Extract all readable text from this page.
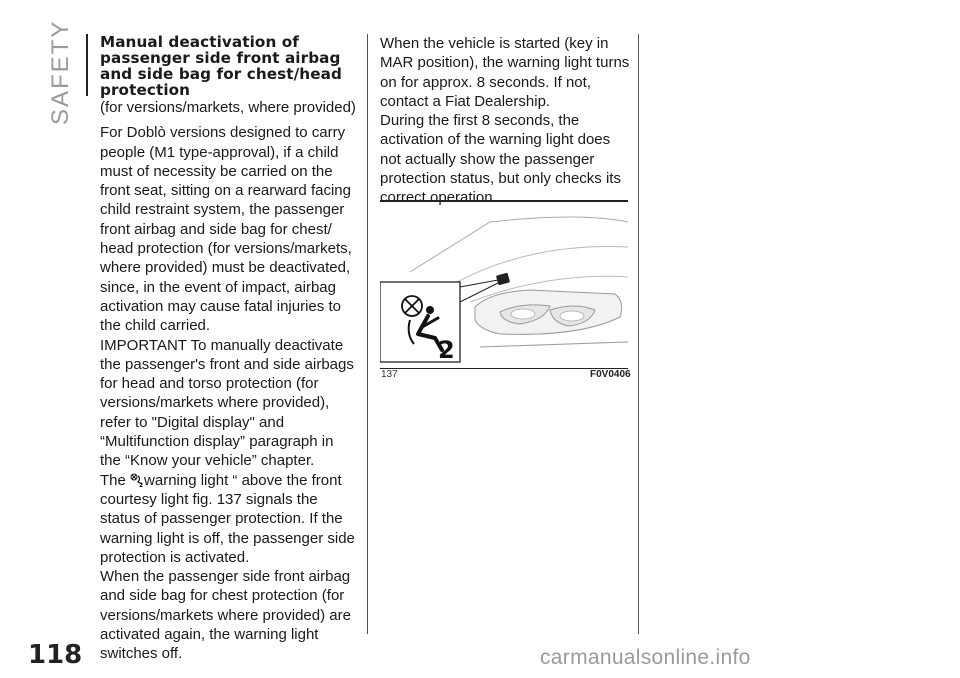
SAFETY Manual deactivation of passenger side front airbag and side bag for chest/head protection

(for versions/markets, where provided)

For Doblò versions designed to carry people (M1 type-approval), if a child must of necessity be carried on the front seat, sitting on a rearward facing child restraint system, the passenger front airbag and side bag for chest/ head protection (for versions/markets, where provided) must be deactivated, since, in the event of impact, airbag activation may cause fatal injuries to the child carried.

IMPORTANT To manually deactivate the passenger's front and side airbags for head and torso protection (for versions/markets where provided), refer to "Digital display" and “Multifunction display” paragraph in the “Know your vehicle” chapter.

The 2 warning light “ above the front courtesy light fig. 137 signals the status of passenger protection. If the warning light is off, the passenger side protection is activated.

When the passenger side front airbag and side bag for chest protection (for versions/markets where provided) are activated again, the warning light switches off.

When the vehicle is started (key in MAR position), the warning light turns on for approx. 8 seconds. If not, contact a Fiat Dealership.

During the first 8 seconds, the activation of the warning light does not actually show the passenger protection status, but only checks its correct operation.

2
137	F0V0406
118	carmanualsonline.info
